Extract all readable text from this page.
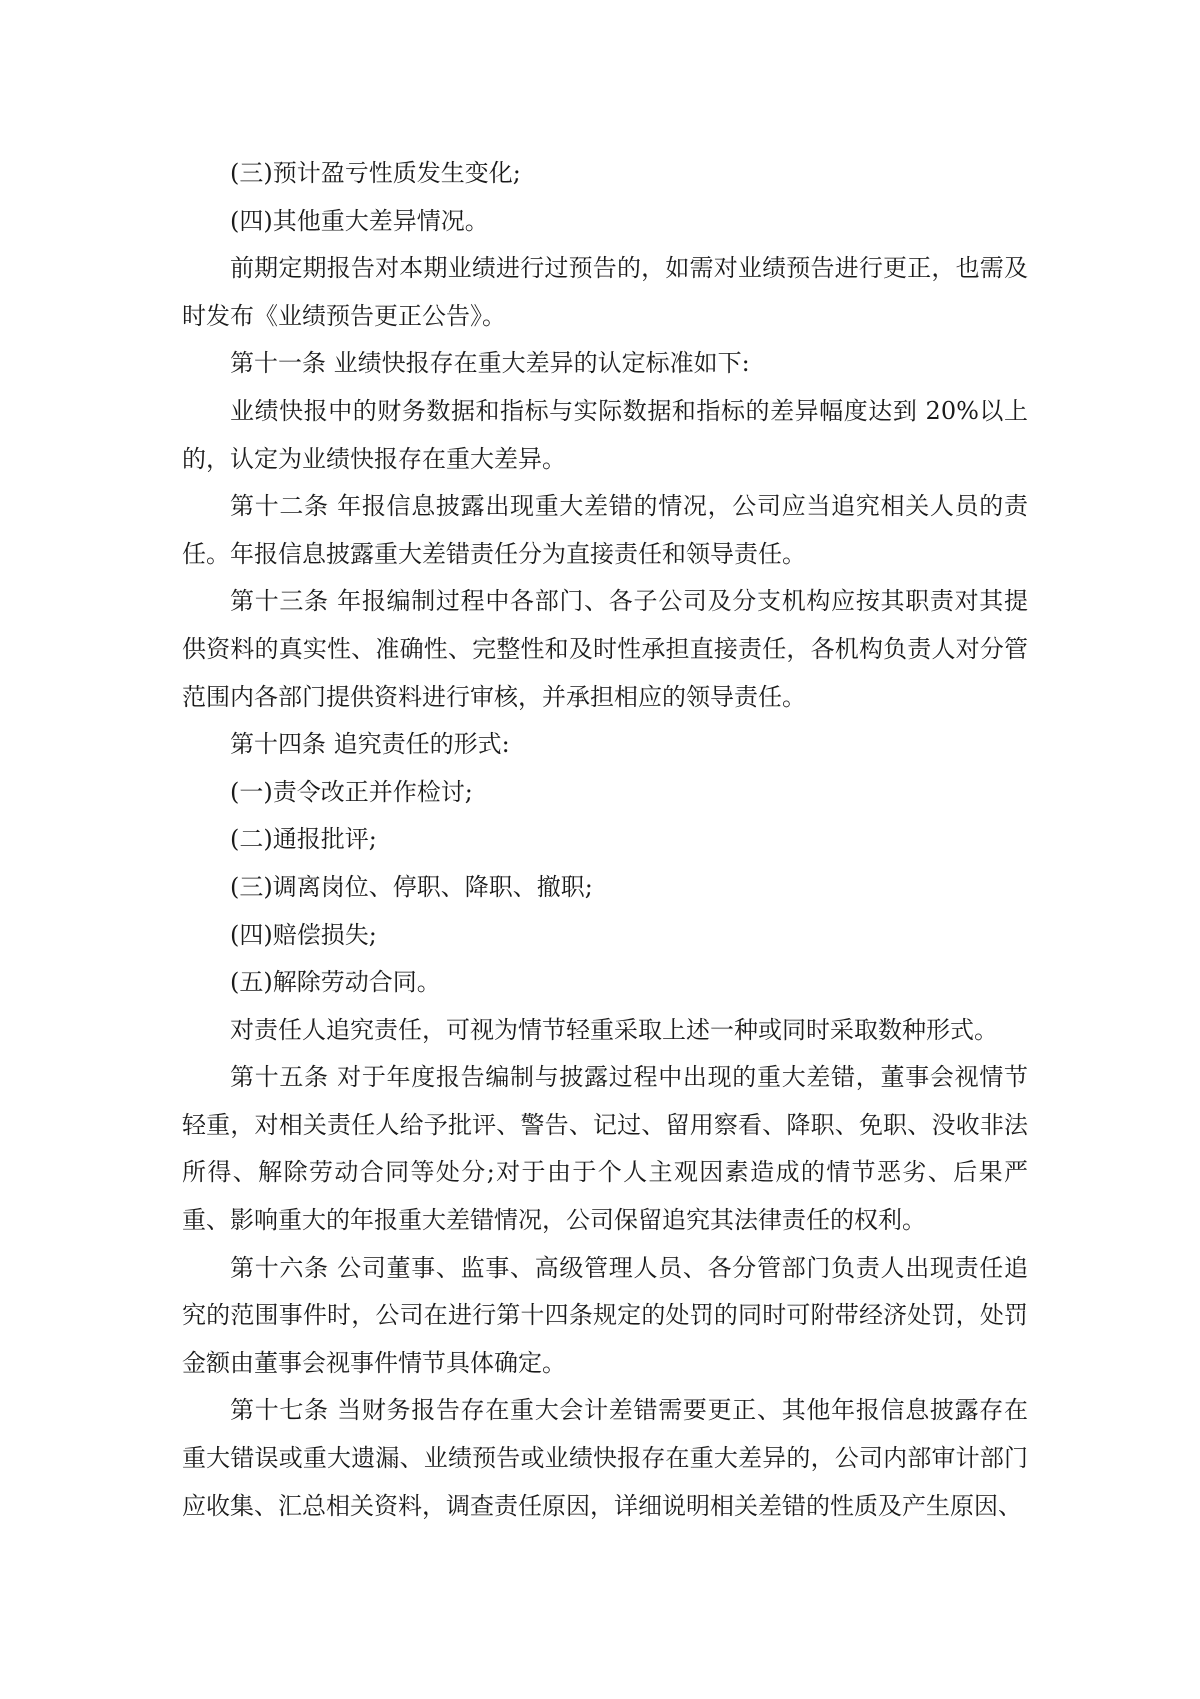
(三)预计盈亏性质发生变化;

(四)其他重大差异情况。

前期定期报告对本期业绩进行过预告的，如需对业绩预告进行更正，也需及时发布《业绩预告更正公告》。

第十一条 业绩快报存在重大差异的认定标准如下:

业绩快报中的财务数据和指标与实际数据和指标的差异幅度达到 20%以上的，认定为业绩快报存在重大差异。

第十二条 年报信息披露出现重大差错的情况，公司应当追究相关人员的责任。年报信息披露重大差错责任分为直接责任和领导责任。

第十三条 年报编制过程中各部门、各子公司及分支机构应按其职责对其提供资料的真实性、准确性、完整性和及时性承担直接责任，各机构负责人对分管范围内各部门提供资料进行审核，并承担相应的领导责任。

第十四条 追究责任的形式:

(一)责令改正并作检讨;

(二)通报批评;

(三)调离岗位、停职、降职、撤职;

(四)赔偿损失;

(五)解除劳动合同。

对责任人追究责任，可视为情节轻重采取上述一种或同时采取数种形式。

第十五条 对于年度报告编制与披露过程中出现的重大差错，董事会视情节轻重，对相关责任人给予批评、警告、记过、留用察看、降职、免职、没收非法所得、解除劳动合同等处分;对于由于个人主观因素造成的情节恶劣、后果严重、影响重大的年报重大差错情况，公司保留追究其法律责任的权利。

第十六条 公司董事、监事、高级管理人员、各分管部门负责人出现责任追究的范围事件时，公司在进行第十四条规定的处罚的同时可附带经济处罚，处罚金额由董事会视事件情节具体确定。

第十七条 当财务报告存在重大会计差错需要更正、其他年报信息披露存在重大错误或重大遗漏、业绩预告或业绩快报存在重大差异的，公司内部审计部门应收集、汇总相关资料，调查责任原因，详细说明相关差错的性质及产生原因、
